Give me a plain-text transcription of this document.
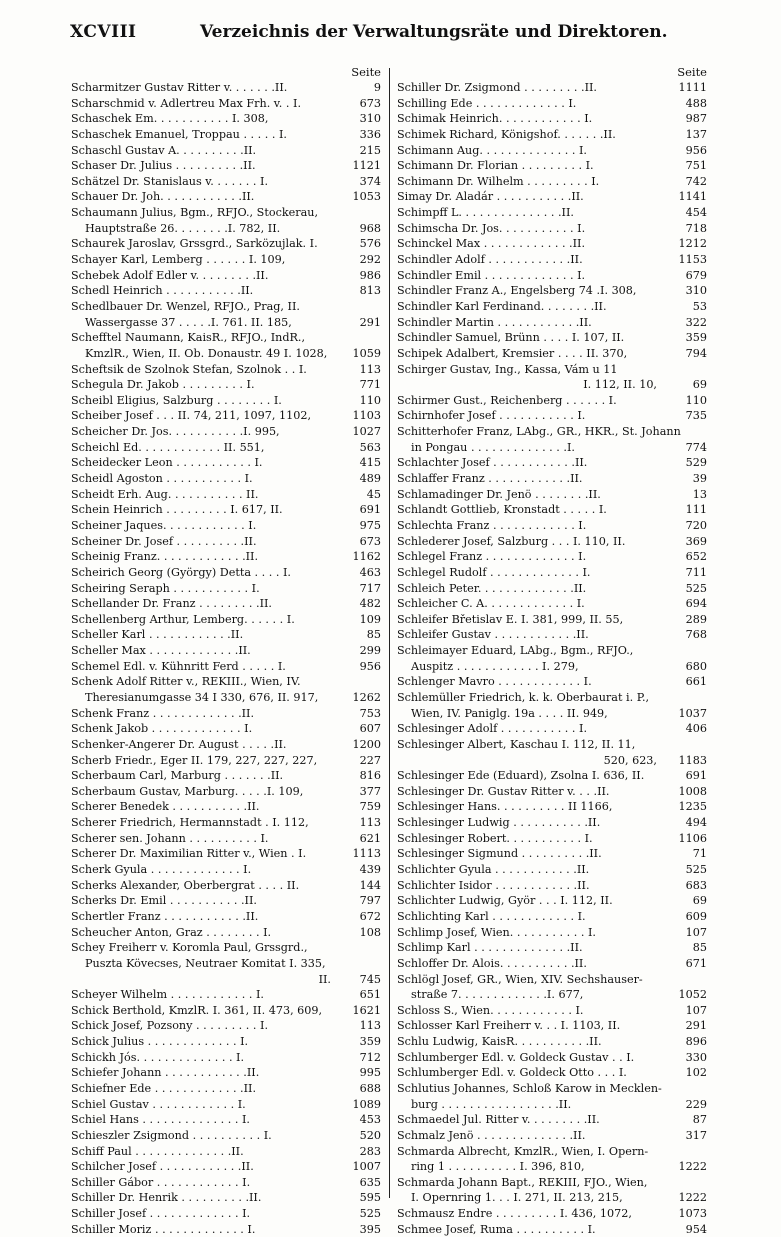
XCVIII	Verzeichnis der Verwaltungsräte und Direktoren.
Seite
Scharmitzer Gustav Ritter v. . . . . . .II.	9
Scharschmid v. Adlertreu Max Frh. v. . I.	673
Schaschek Em. . . . . . . . . . . I. 308,	310
Schaschek Emanuel, Troppau . . . . . I.	336
Schaschl Gustav A. . . . . . . . . .II.	215
Schaser Dr. Julius . . . . . . . . . .II.	1121
Schätzel Dr. Stanislaus v. . . . . . . I.	374
Schauer Dr. Joh. . . . . . . . . . . .II.	1053
Schaumann Julius, Bgm., RFJO., Stockerau,
Hauptstraße 26. . . . . . . .I. 782, II.	968
Schaurek Jaroslav, Grssgrd., Sarközujlak. I.	576
Schayer Karl, Lemberg . . . . . . I. 109,	292
Schebek Adolf Edler v. . . . . . . . .II.	986
Schedl Heinrich . . . . . . . . . . .II.	813
Schedlbauer Dr. Wenzel, RFJO., Prag, II.
Wassergasse 37 . . . . .I. 761. II. 185,	291
Schefftel Naumann, KaisR., RFJO., IndR.,
KmzlR., Wien, II. Ob. Donaustr. 49 I. 1028,	1059
Scheftsik de Szolnok Stefan, Szolnok . . I.	113
Schegula Dr. Jakob . . . . . . . . . I.	771
Scheibl Eligius, Salzburg . . . . . . . . I.	110
Scheiber Josef . . . II. 74, 211, 1097, 1102,	1103
Scheicher Dr. Jos. . . . . . . . . . .I. 995,	1027
Scheichl Ed. . . . . . . . . . . . II. 551,	563
Scheidecker Leon . . . . . . . . . . . I.	415
Scheidl Agoston . . . . . . . . . . . I.	489
Scheidt Erh. Aug. . . . . . . . . . . II.	45
Schein Heinrich . . . . . . . . . I. 617, II.	691
Scheiner Jaques. . . . . . . . . . . . I.	975
Scheiner Dr. Josef . . . . . . . . . .II.	673
Scheinig Franz. . . . . . . . . . . . .II.	1162
Scheirich Georg (György) Detta . . . . I.	463
Scheiring Seraph . . . . . . . . . . . I.	717
Schellander Dr. Franz . . . . . . . . .II.	482
Schellenberg Arthur, Lemberg. . . . . . I.	109
Scheller Karl . . . . . . . . . . . .II.	85
Scheller Max . . . . . . . . . . . . .II.	299
Schemel Edl. v. Kühnritt Ferd . . . . . I.	956
Schenk Adolf Ritter v., REKIII., Wien, IV.
Theresianumgasse 34 I 330, 676, II. 917,	1262
Schenk Franz . . . . . . . . . . . . .II.	753
Schenk Jakob . . . . . . . . . . . . . I.	607
Schenker-Angerer Dr. August . . . . .II.	1200
Scherb Friedr., Eger II. 179, 227, 227, 227,	227
Scherbaum Carl, Marburg . . . . . . .II.	816
Scherbaum Gustav, Marburg. . . . .I. 109,	377
Scherer Benedek . . . . . . . . . . .II.	759
Scherer Friedrich, Hermannstadt . I. 112,	113
Scherer sen. Johann . . . . . . . . . . I.	621
Scherer Dr. Maximilian Ritter v., Wien . I.	1113
Scherk Gyula . . . . . . . . . . . . . I.	439
Scherks Alexander, Oberbergrat . . . . II.	144
Scherks Dr. Emil . . . . . . . . . . .II.	797
Schertler Franz . . . . . . . . . . . .II.	672
Scheucher Anton, Graz . . . . . . . . I.	108
Schey Freiherr v. Koromla Paul, Grssgrd.,
Puszta Kövecses, Neutraer Komitat I. 335,
II.	745
Scheyer Wilhelm . . . . . . . . . . . . I.	651
Schick Berthold, KmzlR. I. 361, II. 473, 609,	1621
Schick Josef, Pozsony . . . . . . . . . I.	113
Schick Julius . . . . . . . . . . . . . I.	359
Schickh Jós. . . . . . . . . . . . . . I.	712
Schiefer Johann . . . . . . . . . . . .II.	995
Schiefner Ede . . . . . . . . . . . . .II.	688
Schiel Gustav . . . . . . . . . . . . I.	1089
Schiel Hans . . . . . . . . . . . . . . I.	453
Schieszler Zsigmond . . . . . . . . . . I.	520
Schiff Paul . . . . . . . . . . . . . .II.	283
Schilcher Josef . . . . . . . . . . . .II.	1007
Schiller Gábor . . . . . . . . . . . . I.	635
Schiller Dr. Henrik . . . . . . . . . .II.	595
Schiller Josef . . . . . . . . . . . . . I.	525
Schiller Moriz . . . . . . . . . . . . . I.	395
Seite
Schiller Dr. Zsigmond . . . . . . . . .II.	1111
Schilling Ede . . . . . . . . . . . . . I.	488
Schimak Heinrich. . . . . . . . . . . . I.	987
Schimek Richard, Königshof. . . . . . .II.	137
Schimann Aug. . . . . . . . . . . . . . I.	956
Schimann Dr. Florian . . . . . . . . . I.	751
Schimann Dr. Wilhelm . . . . . . . . . I.	742
Simay Dr. Aladár . . . . . . . . . . .II.	1141
Schimpff L. . . . . . . . . . . . . . .II.	454
Schimscha Dr. Jos. . . . . . . . . . . I.	718
Schinckel Max . . . . . . . . . . . . .II.	1212
Schindler Adolf . . . . . . . . . . . .II.	1153
Schindler Emil . . . . . . . . . . . . . I.	679
Schindler Franz A., Engelsberg 74 .I. 308,	310
Schindler Karl Ferdinand. . . . . . . .II.	53
Schindler Martin . . . . . . . . . . . .II.	322
Schindler Samuel, Brünn . . . . I. 107, II.	359
Schipek Adalbert, Kremsier . . . . II. 370,	794
Schirger Gustav, Ing., Kassa, Vám u 11
I. 112, II. 10,	69
Schirmer Gust., Reichenberg . . . . . . I.	110
Schirnhofer Josef . . . . . . . . . . . I.	735
Schitterhofer Franz, LAbg., GR., HKR., St. Johann
in Pongau . . . . . . . . . . . . . .I.	774
Schlachter Josef . . . . . . . . . . . .II.	529
Schlaffer Franz . . . . . . . . . . . .II.	39
Schlamadinger Dr. Jenö . . . . . . . .II.	13
Schlandt Gottlieb, Kronstadt . . . . . I.	111
Schlechta Franz . . . . . . . . . . . . I.	720
Schlederer Josef, Salzburg . . . I. 110, II.	369
Schlegel Franz . . . . . . . . . . . . . I.	652
Schlegel Rudolf . . . . . . . . . . . . . I.	711
Schleich Peter. . . . . . . . . . . . . .II.	525
Schleicher C. A. . . . . . . . . . . . . I.	694
Schleifer Břetislav E. I. 381, 999, II. 55,	289
Schleifer Gustav . . . . . . . . . . . .II.	768
Schleimayer Eduard, LAbg., Bgm., RFJO.,
Auspitz . . . . . . . . . . . . I. 279,	680
Schlenger Mavro . . . . . . . . . . . . I.	661
Schlemüller Friedrich, k. k. Oberbaurat i. P.,
Wien, IV. Paniglg. 19a . . . . II. 949,	1037
Schlesinger Adolf . . . . . . . . . . . I.	406
Schlesinger Albert, Kaschau I. 112, II. 11,
520, 623,	1183
Schlesinger Ede (Eduard), Zsolna I. 636, II.	691
Schlesinger Dr. Gustav Ritter v. . . .II.	1008
Schlesinger Hans. . . . . . . . . . II 1166,	1235
Schlesinger Ludwig . . . . . . . . . . .II.	494
Schlesinger Robert. . . . . . . . . . . I.	1106
Schlesinger Sigmund . . . . . . . . . .II.	71
Schlichter Gyula . . . . . . . . . . . .II.	525
Schlichter Isidor . . . . . . . . . . . .II.	683
Schlichter Ludwig, Györ . . . I. 112, II.	69
Schlichting Karl . . . . . . . . . . . . I.	609
Schlimp Josef, Wien. . . . . . . . . . . I.	107
Schlimp Karl . . . . . . . . . . . . . .II.	85
Schloffer Dr. Alois. . . . . . . . . . .II.	671
Schlögl Josef, GR., Wien, XIV. Sechshauser-
straße 7. . . . . . . . . . . . .I. 677,	1052
Schloss S., Wien. . . . . . . . . . . . I.	107
Schlosser Karl Freiherr v. . . I. 1103, II.	291
Schlu Ludwig, KaisR. . . . . . . . . . .II.	896
Schlumberger Edl. v. Goldeck Gustav . . I.	330
Schlumberger Edl. v. Goldeck Otto . . . I.	102
Schlutius Johannes, Schloß Karow in Mecklen-
burg . . . . . . . . . . . . . . . . .II.	229
Schmaedel Jul. Ritter v. . . . . . . . .II.	87
Schmalz Jenö . . . . . . . . . . . . . .II.	317
Schmarda Albrecht, KmzlR., Wien, I. Opern-
ring 1 . . . . . . . . . . I. 396, 810,	1222
Schmarda Johann Bapt., REKIII, FJO., Wien,
I. Opernring 1. . . I. 271, II. 213, 215,	1222
Schmausz Endre . . . . . . . . . I. 436, 1072,	1073
Schmee Josef, Ruma . . . . . . . . . . I.	954
